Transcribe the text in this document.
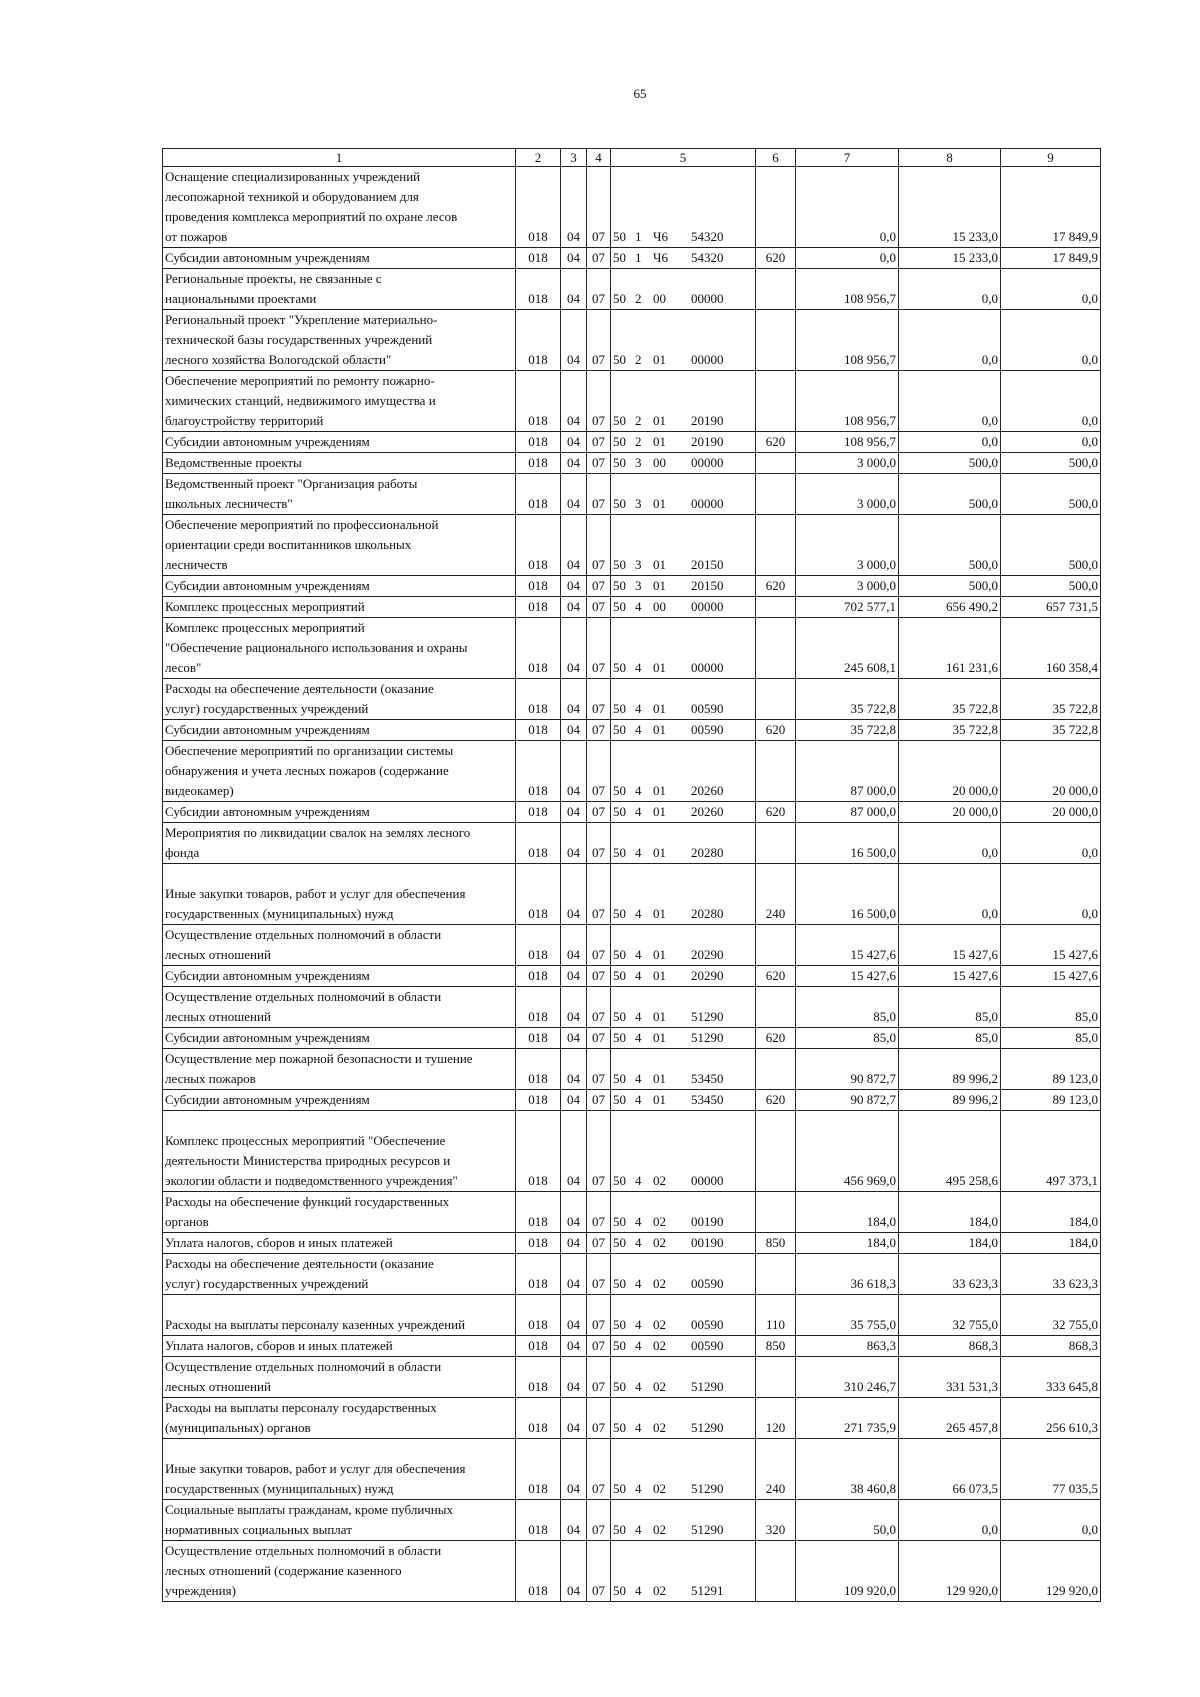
65
1	2	3	4	5	6	7	8	9

Оснащение специализированных учреждений
лесопожарной техникой и оборудованием для
проведения комплекса мероприятий по охране лесов
от пожаров	018	04	07	50 1 Ч6 54320		0,0	15 233,0	17 849,9

Субсидии автономным учреждениям	018	04	07	50 1 Ч6 54320	620	0,0	15 233,0	17 849,9

Региональные проекты, не связанные с
национальными проектами	018	04	07	50 2 00 00000		108 956,7	0,0	0,0

Региональный проект "Укрепление материально-
технической базы государственных учреждений
лесного хозяйства Вологодской области"	018	04	07	50 2 01 00000		108 956,7	0,0	0,0

Обеспечение мероприятий по ремонту пожарно-
химических станций, недвижимого имущества и
благоустройству территорий	018	04	07	50 2 01 20190		108 956,7	0,0	0,0

Субсидии автономным учреждениям	018	04	07	50 2 01 20190	620	108 956,7	0,0	0,0

Ведомственные проекты	018	04	07	50 3 00 00000		3 000,0	500,0	500,0

Ведомственный проект "Организация работы
школьных лесничеств"	018	04	07	50 3 01 00000		3 000,0	500,0	500,0

Обеспечение мероприятий по профессиональной
ориентации среди воспитанников школьных
лесничеств	018	04	07	50 3 01 20150		3 000,0	500,0	500,0

Субсидии автономным учреждениям	018	04	07	50 3 01 20150	620	3 000,0	500,0	500,0

Комплекс процессных мероприятий	018	04	07	50 4 00 00000		702 577,1	656 490,2	657 731,5

Комплекс процессных мероприятий
"Обеспечение рационального использования и охраны
лесов"	018	04	07	50 4 01 00000		245 608,1	161 231,6	160 358,4

Расходы на обеспечение деятельности (оказание
услуг) государственных учреждений	018	04	07	50 4 01 00590		35 722,8	35 722,8	35 722,8

Субсидии автономным учреждениям	018	04	07	50 4 01 00590	620	35 722,8	35 722,8	35 722,8

Обеспечение мероприятий по организации системы
обнаружения и учета лесных пожаров (содержание
видеокамер)	018	04	07	50 4 01 20260		87 000,0	20 000,0	20 000,0

Субсидии автономным учреждениям	018	04	07	50 4 01 20260	620	87 000,0	20 000,0	20 000,0

Мероприятия по ликвидации свалок на землях лесного
фонда	018	04	07	50 4 01 20280		16 500,0	0,0	0,0

Иные закупки товаров, работ и услуг для обеспечения
государственных (муниципальных) нужд	018	04	07	50 4 01 20280	240	16 500,0	0,0	0,0

Осуществление отдельных полномочий в области
лесных отношений	018	04	07	50 4 01 20290		15 427,6	15 427,6	15 427,6

Субсидии автономным учреждениям	018	04	07	50 4 01 20290	620	15 427,6	15 427,6	15 427,6

Осуществление отдельных полномочий в области
лесных отношений	018	04	07	50 4 01 51290		85,0	85,0	85,0

Субсидии автономным учреждениям	018	04	07	50 4 01 51290	620	85,0	85,0	85,0

Осуществление мер пожарной безопасности и тушение
лесных пожаров	018	04	07	50 4 01 53450		90 872,7	89 996,2	89 123,0

Субсидии автономным учреждениям	018	04	07	50 4 01 53450	620	90 872,7	89 996,2	89 123,0

Комплекс процессных мероприятий "Обеспечение
деятельности Министерства природных ресурсов и
экологии области и подведомственного учреждения"	018	04	07	50 4 02 00000		456 969,0	495 258,6	497 373,1

Расходы на обеспечение функций государственных
органов	018	04	07	50 4 02 00190		184,0	184,0	184,0

Уплата налогов, сборов и иных платежей	018	04	07	50 4 02 00190	850	184,0	184,0	184,0

Расходы на обеспечение деятельности (оказание
услуг) государственных учреждений	018	04	07	50 4 02 00590		36 618,3	33 623,3	33 623,3

Расходы на выплаты персоналу казенных учреждений	018	04	07	50 4 02 00590	110	35 755,0	32 755,0	32 755,0

Уплата налогов, сборов и иных платежей	018	04	07	50 4 02 00590	850	863,3	868,3	868,3

Осуществление отдельных полномочий в области
лесных отношений	018	04	07	50 4 02 51290		310 246,7	331 531,3	333 645,8

Расходы на выплаты персоналу государственных
(муниципальных) органов	018	04	07	50 4 02 51290	120	271 735,9	265 457,8	256 610,3

Иные закупки товаров, работ и услуг для обеспечения
государственных (муниципальных) нужд	018	04	07	50 4 02 51290	240	38 460,8	66 073,5	77 035,5

Социальные выплаты гражданам, кроме публичных
нормативных социальных выплат	018	04	07	50 4 02 51290	320	50,0	0,0	0,0

Осуществление отдельных полномочий в области
лесных отношений (содержание казенного
учреждения)	018	04	07	50 4 02 51291		109 920,0	129 920,0	129 920,0
